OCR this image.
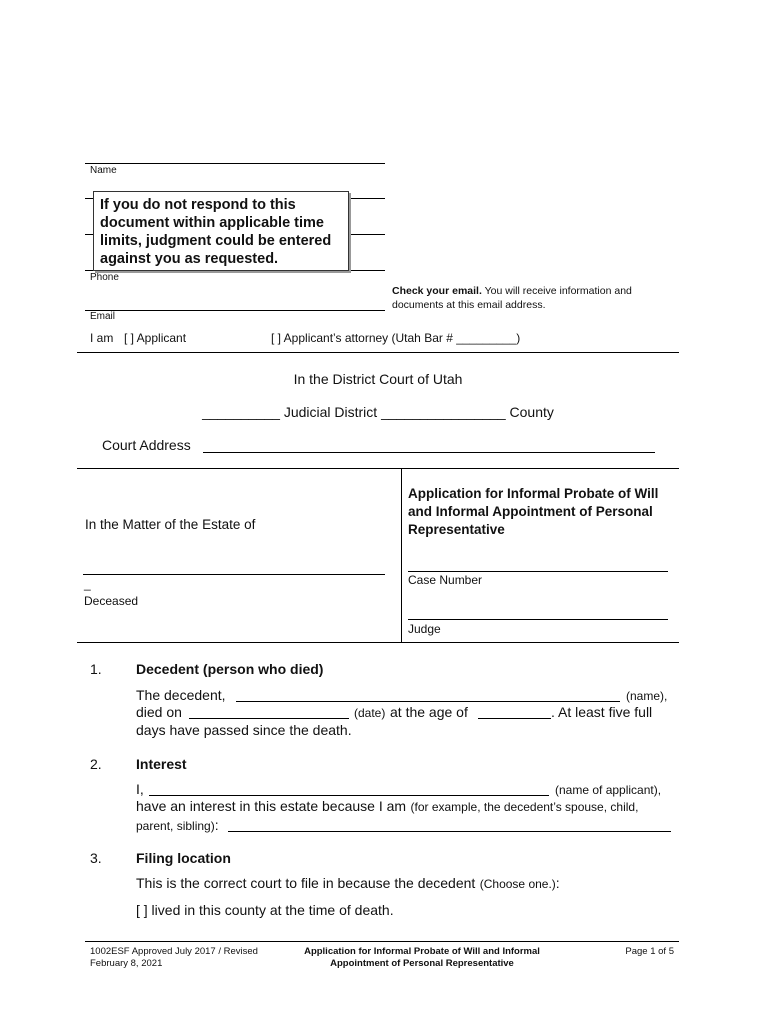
Name
Phone
If you do not respond to this document within applicable time limits, judgment could be entered against you as requested.
Check your email. You will receive information and documents at this email address.
Email
I am [ ] Applicant	[ ] Applicant’s attorney (Utah Bar # _________)
In the District Court of Utah
__________ Judicial District ________________ County
Court Address
In the Matter of the Estate of
_
Deceased
Application for Informal Probate of Will and Informal Appointment of Personal Representative
Case Number
Judge
1. Decedent (person who died)
The decedent,	(name),
died on	(date) at the age of	. At least five full
days have passed since the death.
2. Interest
I,	(name of applicant),
have an interest in this estate because I am (for example, the decedent’s spouse, child,
parent, sibling):
3. Filing location
This is the correct court to file in because the decedent (Choose one.):
[ ] lived in this county at the time of death.
1002ESF Approved July 2017 / Revised February 8, 2021
Application for Informal Probate of Will and Informal Appointment of Personal Representative
Page 1 of 5
